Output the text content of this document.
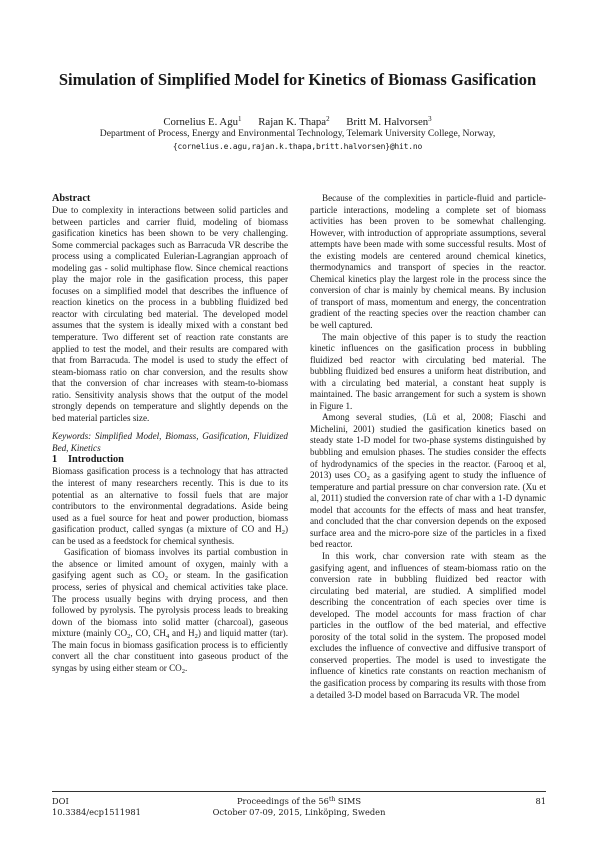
Simulation of Simplified Model for Kinetics of Biomass Gasification
Cornelius E. Agu$^1$ Rajan K. Thapa$^2$ Britt M. Halvorsen$^3$
Department of Process, Energy and Environmental Technology, Telemark University College, Norway,
{cornelius.e.agu,rajan.k.thapa,britt.halvorsen}@hit.no

Abstract

Due to complexity in interactions between solid particles and between particles and carrier fluid, modeling of biomass gasification kinetics has been shown to be very challenging. Some commercial packages such as Barracuda VR describe the process using a complicated Eulerian-Lagrangian approach of modeling gas - solid multiphase flow. Since chemical reactions play the major role in the gasification process, this paper focuses on a simplified model that describes the influence of reaction kinetics on the process in a bubbling fluidized bed reactor with circulating bed material. The developed model assumes that the system is ideally mixed with a constant bed temperature. Two different set of reaction rate constants are applied to test the model, and their results are compared with that from Barracuda. The model is used to study the effect of steam-biomass ratio on char conversion, and the results show that the conversion of char increases with steam-to-biomass ratio. Sensitivity analysis shows that the output of the model strongly depends on temperature and slightly depends on the bed material particles size.

Keywords: Simplified Model, Biomass, Gasification, Fluidized Bed, Kinetics

1 Introduction

Biomass gasification process is a technology that has attracted the interest of many researchers recently. This is due to its potential as an alternative to fossil fuels that are major contributors to the environmental degradations. Aside being used as a fuel source for heat and power production, biomass gasification product, called syngas (a mixture of CO and $H_2$) can be used as a feedstock for chemical synthesis.

Gasification of biomass involves its partial combustion in the absence or limited amount of oxygen, mainly with a gasifying agent such as $CO_2$ or steam. In the gasification process, series of physical and chemical activities take place. The process usually begins with drying process, and then followed by pyrolysis. The pyrolysis process leads to breaking down of the biomass into solid matter (charcoal), gaseous mixture (mainly $CO_2$, CO, $CH_4$ and $H_2$) and liquid matter (tar). The main focus in biomass gasification process is to efficiently convert all the char constituent into gaseous product of the syngas by using either steam or $CO_2$.

Because of the complexities in particle-fluid and particle-particle interactions, modeling a complete set of biomass activities has been proven to be somewhat challenging. However, with introduction of appropriate assumptions, several attempts have been made with some successful results. Most of the existing models are centered around chemical kinetics, thermodynamics and transport of species in the reactor. Chemical kinetics play the largest role in the process since the conversion of char is mainly by chemical means. By inclusion of transport of mass, momentum and energy, the concentration gradient of the reacting species over the reaction chamber can be well captured.

The main objective of this paper is to study the reaction kinetic influences on the gasification process in bubbling fluidized bed reactor with circulating bed material. The bubbling fluidized bed ensures a uniform heat distribution, and with a circulating bed material, a constant heat supply is maintained. The basic arrangement for such a system is shown in Figure 1.

Among several studies, (Lü et al, 2008; Fiaschi and Michelini, 2001) studied the gasification kinetics based on steady state 1-D model for two-phase systems distinguished by bubbling and emulsion phases. The studies consider the effects of hydrodynamics of the species in the reactor. (Farooq et al, 2013) uses $CO_2$ as a gasifying agent to study the influence of temperature and partial pressure on char conversion rate. (Xu et al, 2011) studied the conversion rate of char with a 1-D dynamic model that accounts for the effects of mass and heat transfer, and concluded that the char conversion depends on the exposed surface area and the micro-pore size of the particles in a fixed bed reactor.

In this work, char conversion rate with steam as the gasifying agent, and influences of steam-biomass ratio on the conversion rate in bubbling fluidized bed reactor with circulating bed material, are studied. A simplified model describing the concentration of each species over time is developed. The model accounts for mass fraction of char particles in the outflow of the bed material, and effective porosity of the total solid in the system. The proposed model excludes the influence of convective and diffusive transport of conserved properties. The model is used to investigate the influence of kinetics rate constants on reaction mechanism of the gasification process by comparing its results with those from a detailed 3-D model based on Barracuda VR. The model

DOI
10.3384/ecp1511981
Proceedings of the 56th SIMS
October 07-09, 2015, Linköping, Sweden
81
